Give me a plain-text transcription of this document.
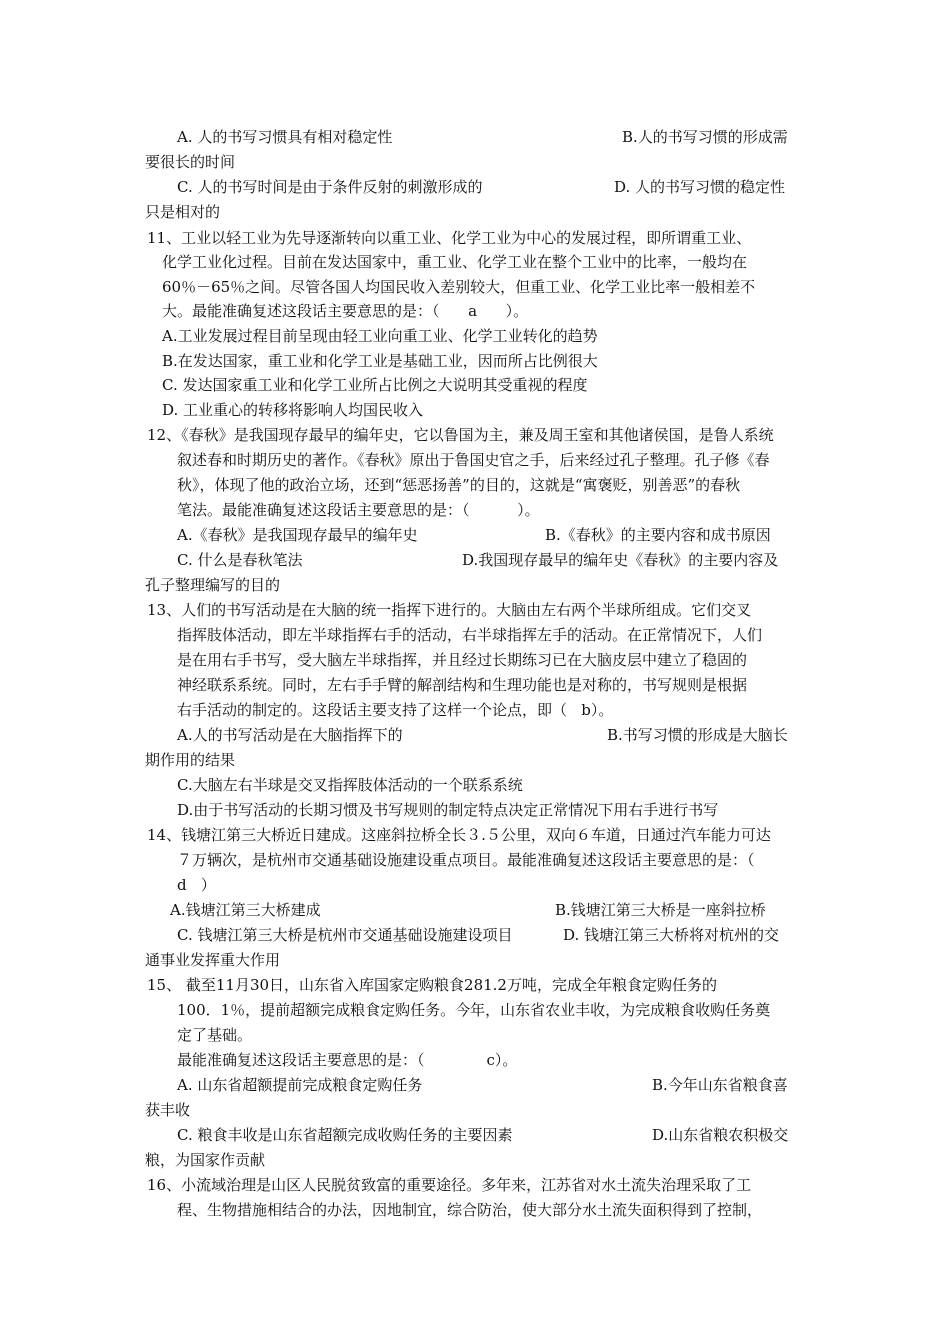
A. 人的书写习惯具有相对稳定性	B.人的书写习惯的形成需
要很长的时间
C. 人的书写时间是由于条件反射的刺激形成的	D. 人的书写习惯的稳定性
只是相对的
11、工业以轻工业为先导逐渐转向以重工业、化学工业为中心的发展过程，即所谓重工业、
化学工业化过程。目前在发达国家中，重工业、化学工业在整个工业中的比率，一般均在
60％－65％之间。尽管各国人均国民收入差别较大，但重工业、化学工业比率一般相差不
大。最能准确复述这段话主要意思的是：（      a      ）。
A.工业发展过程目前呈现由轻工业向重工业、化学工业转化的趋势
B.在发达国家，重工业和化学工业是基础工业，因而所占比例很大
C. 发达国家重工业和化学工业所占比例之大说明其受重视的程度
D. 工业重心的转移将影响人均国民收入
12、《春秋》是我国现存最早的编年史，它以鲁国为主，兼及周王室和其他诸侯国，是鲁人系统
叙述春和时期历史的著作。《春秋》原出于鲁国史官之手，后来经过孔子整理。孔子修《春
秋》，体现了他的政治立场，还到“惩恶扬善”的目的，这就是“寓褒贬，别善恶”的春秋
笔法。最能准确复述这段话主要意思的是：（          ）。
A.《春秋》是我国现存最早的编年史	B.《春秋》的主要内容和成书原因
C. 什么是春秋笔法	D.我国现存最早的编年史《春秋》的主要内容及
孔子整理编写的目的
13、人们的书写活动是在大脑的统一指挥下进行的。大脑由左右两个半球所组成。它们交叉
指挥肢体活动，即左半球指挥右手的活动，右半球指挥左手的活动。在正常情况下，人们
是在用右手书写，受大脑左半球指挥，并且经过长期练习已在大脑皮层中建立了稳固的
神经联系系统。同时，左右手手臂的解剖结构和生理功能也是对称的，书写规则是根据
右手活动的制定的。这段话主要支持了这样一个论点，即（   b）。
A.人的书写活动是在大脑指挥下的	B.书写习惯的形成是大脑长
期作用的结果
C.大脑左右半球是交叉指挥肢体活动的一个联系系统
D.由于书写活动的长期习惯及书写规则的制定特点决定正常情况下用右手进行书写
14、钱塘江第三大桥近日建成。这座斜拉桥全长３.５公里，双向６车道，日通过汽车能力可达
７万辆次，是杭州市交通基础设施建设重点项目。最能准确复述这段话主要意思的是：（
d   ）
A.钱塘江第三大桥建成	B.钱塘江第三大桥是一座斜拉桥
C. 钱塘江第三大桥是杭州市交通基础设施建设项目	D. 钱塘江第三大桥将对杭州的交
通事业发挥重大作用
15、 截至11月30日，山东省入库国家定购粮食281.2万吨，完成全年粮食定购任务的
100．1％，提前超额完成粮食定购任务。今年，山东省农业丰收，为完成粮食收购任务奠
定了基础。
最能准确复述这段话主要意思的是：（             c）。
A. 山东省超额提前完成粮食定购任务	B.今年山东省粮食喜
获丰收
C. 粮食丰收是山东省超额完成收购任务的主要因素	D.山东省粮农积极交
粮，为国家作贡献
16、小流域治理是山区人民脱贫致富的重要途径。多年来，江苏省对水土流失治理采取了工
程、生物措施相结合的办法，因地制宜，综合防治，使大部分水土流失面积得到了控制，
